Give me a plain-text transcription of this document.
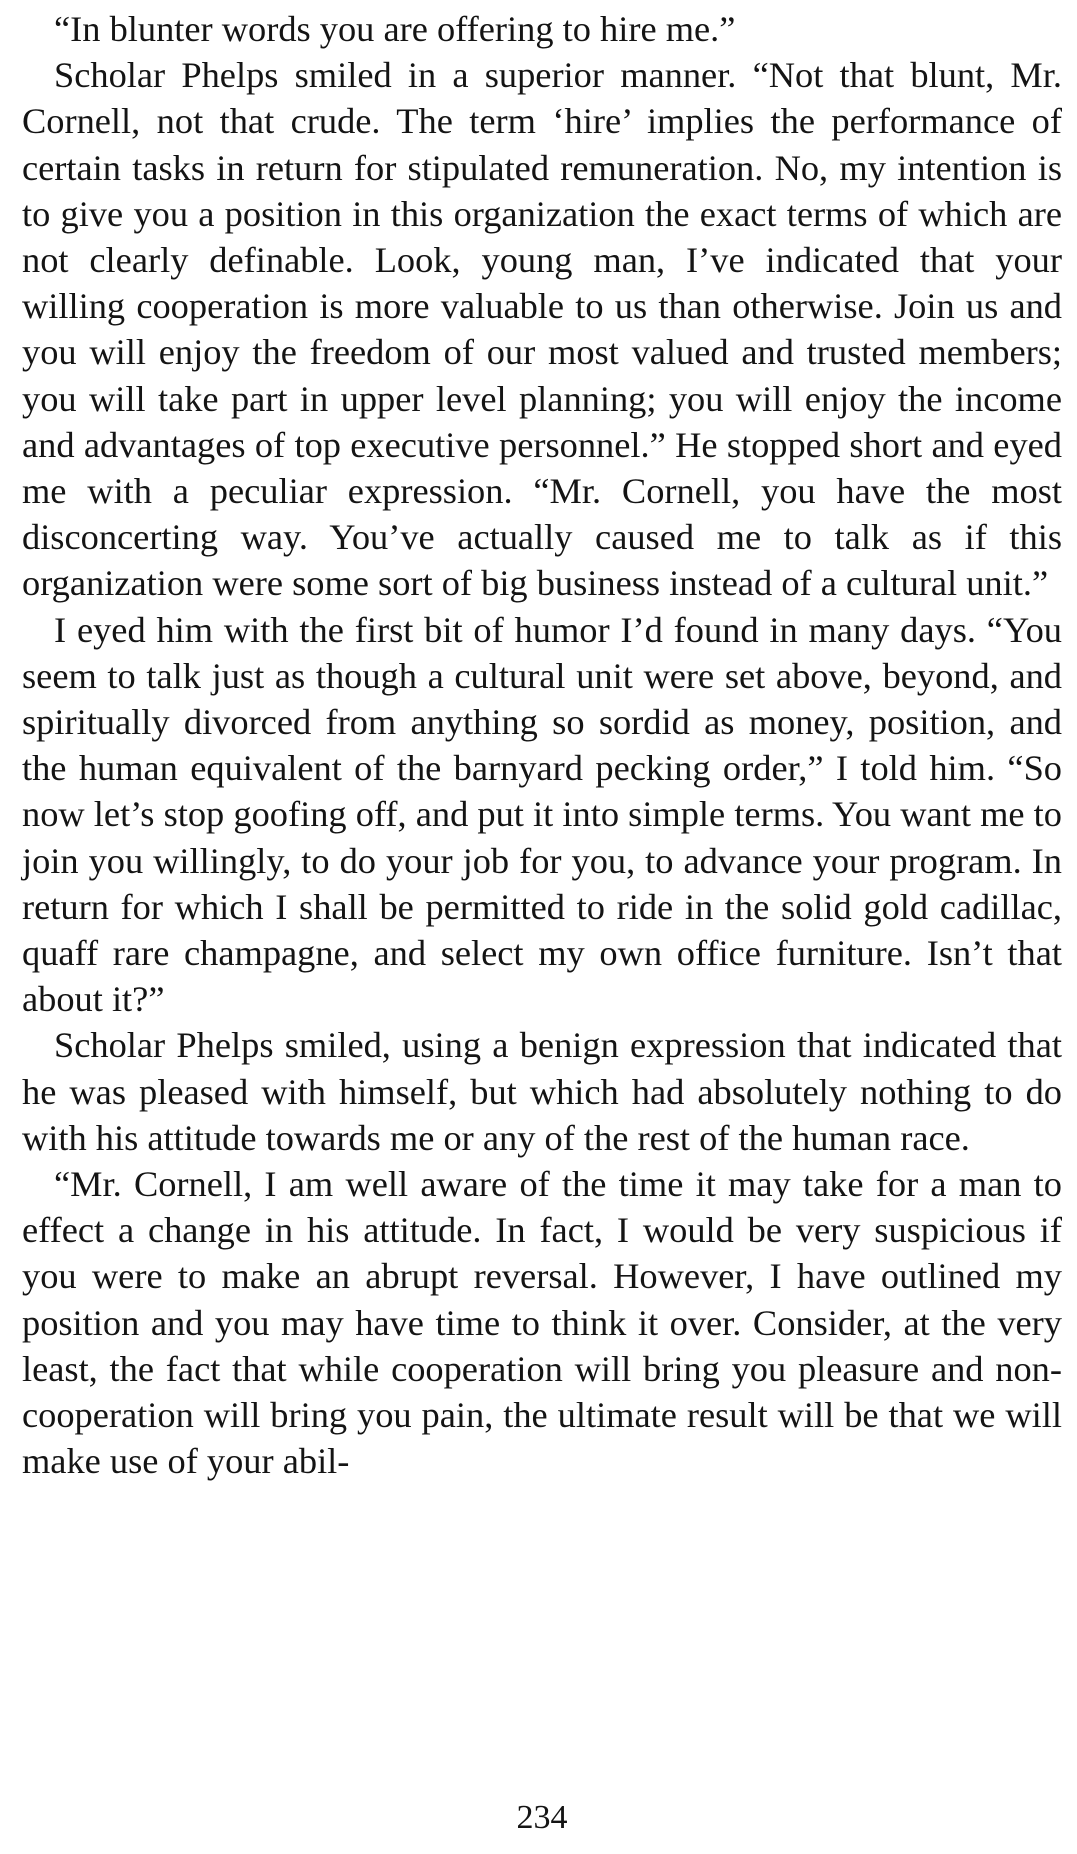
“In blunter words you are offering to hire me.”

Scholar Phelps smiled in a superior manner. “Not that blunt, Mr. Cornell, not that crude. The term ‘hire’ implies the performance of certain tasks in return for stipulated remuneration. No, my intention is to give you a position in this organization the exact terms of which are not clearly definable. Look, young man, I’ve indicated that your willing cooperation is more valuable to us than otherwise. Join us and you will enjoy the freedom of our most valued and trusted members; you will take part in upper level planning; you will enjoy the income and advantages of top executive personnel.” He stopped short and eyed me with a peculiar expression. “Mr. Cornell, you have the most disconcerting way. You’ve actually caused me to talk as if this organization were some sort of big business instead of a cultural unit.”

I eyed him with the first bit of humor I’d found in many days. “You seem to talk just as though a cultural unit were set above, beyond, and spiritually divorced from anything so sordid as money, position, and the human equivalent of the barnyard pecking order,” I told him. “So now let’s stop goofing off, and put it into simple terms. You want me to join you willingly, to do your job for you, to advance your program. In return for which I shall be permitted to ride in the solid gold cadillac, quaff rare champagne, and select my own office furniture. Isn’t that about it?”

Scholar Phelps smiled, using a benign expression that indicated that he was pleased with himself, but which had absolutely nothing to do with his attitude towards me or any of the rest of the human race.

“Mr. Cornell, I am well aware of the time it may take for a man to effect a change in his attitude. In fact, I would be very suspicious if you were to make an abrupt reversal. However, I have outlined my position and you may have time to think it over. Consider, at the very least, the fact that while cooperation will bring you pleasure and non-cooperation will bring you pain, the ultimate result will be that we will make use of your abil-

234
